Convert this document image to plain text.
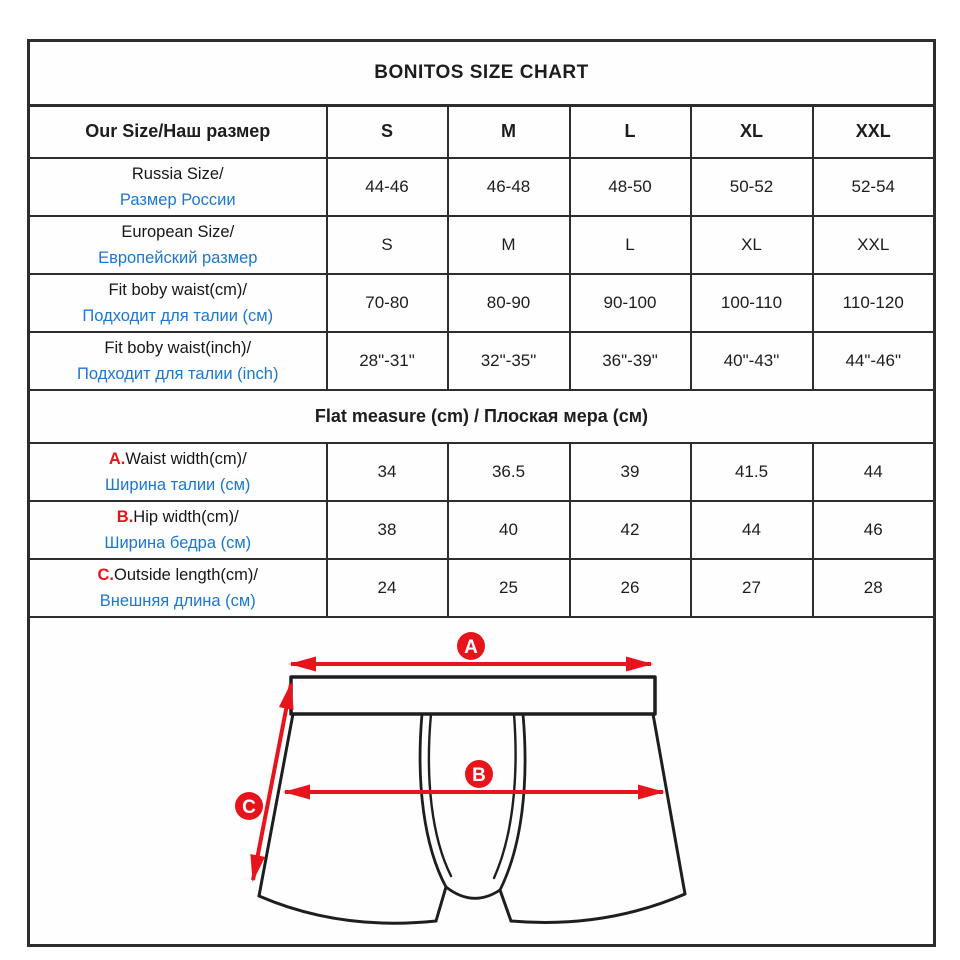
BONITOS SIZE CHART					
Our Size/Наш размер	S	M	L	XL	XXL

Russia Size/
Размер России	44-46	46-48	48-50	50-52	52-54

European Size/
Европейский размер	S	M	L	XL	XXL

Fit boby waist(cm)/
Подходит для талии (см)	70-80	80-90	90-100	100-110	110-120

Fit boby waist(inch)/
Подходит для талии (inch)	28"-31"	32"-35"	36"-39"	40"-43"	44"-46"
Flat measure (cm) / Плоская мера (см)					

A.Waist width(cm)/
Ширина талии (см)	34	36.5	39	41.5	44

B.Hip width(cm)/
Ширина бедра (см)	38	40	42	44	46

C.Outside length(cm)/
Внешняя длина (см)	24	25	26	27	28

A
B
C					
